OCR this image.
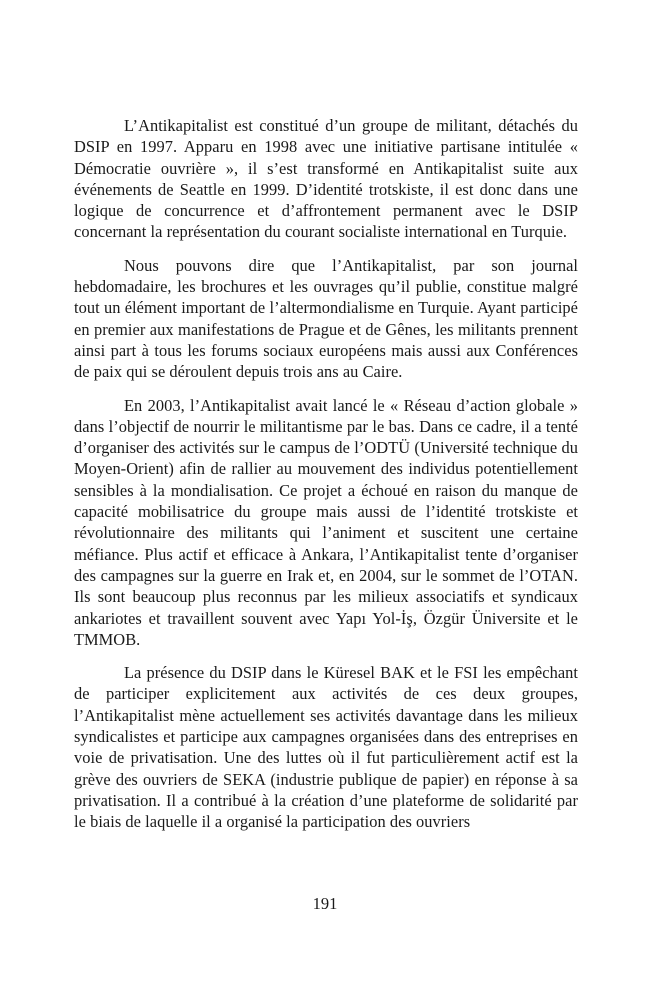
L’Antikapitalist est constitué d’un groupe de militant, détachés du DSIP en 1997. Apparu en 1998 avec une initiative partisane intitulée « Démocratie ouvrière », il s’est transformé en Antikapitalist suite aux événements de Seattle en 1999. D’identité trotskiste, il est donc dans une logique de concurrence et d’affrontement permanent avec le DSIP concernant la représentation du courant socialiste international en Turquie.

Nous pouvons dire que l’Antikapitalist, par son journal hebdomadaire, les brochures et les ouvrages qu’il publie, constitue malgré tout un élément important de l’altermondialisme en Turquie. Ayant participé en premier aux manifestations de Prague et de Gênes, les militants prennent ainsi part à tous les forums sociaux européens mais aussi aux Conférences de paix qui se déroulent depuis trois ans au Caire.

En 2003, l’Antikapitalist avait lancé le « Réseau d’action globale » dans l’objectif de nourrir le militantisme par le bas. Dans ce cadre, il a tenté d’organiser des activités sur le campus de l’ODTÜ (Université technique du Moyen-Orient) afin de rallier au mouvement des individus potentiellement sensibles à la mondialisation. Ce projet a échoué en raison du manque de capacité mobilisatrice du groupe mais aussi de l’identité trotskiste et révolutionnaire des militants qui l’animent et suscitent une certaine méfiance. Plus actif et efficace à Ankara, l’Antikapitalist tente d’organiser des campagnes sur la guerre en Irak et, en 2004, sur le sommet de l’OTAN. Ils sont beaucoup plus reconnus par les milieux associatifs et syndicaux ankariotes et travaillent souvent avec Yapı Yol-İş, Özgür Üniversite et le TMMOB.

La présence du DSIP dans le Küresel BAK et le FSI les empêchant de participer explicitement aux activités de ces deux groupes, l’Antikapitalist mène actuellement ses activités davantage dans les milieux syndicalistes et participe aux campagnes organisées dans des entreprises en voie de privatisation. Une des luttes où il fut particulièrement actif est la grève des ouvriers de SEKA (industrie publique de papier) en réponse à sa privatisation. Il a contribué à la création d’une plateforme de solidarité par le biais de laquelle il a organisé la participation des ouvriers

191
